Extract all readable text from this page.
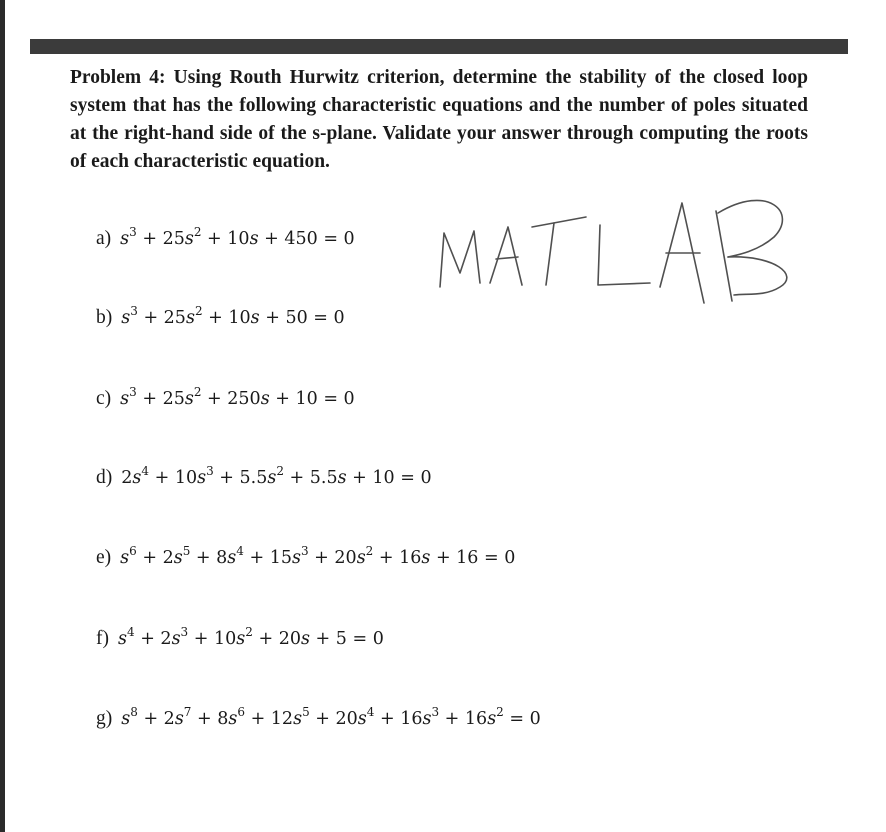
Problem 4: Using Routh Hurwitz criterion, determine the stability of the closed loop system that has the following characteristic equations and the number of poles situated at the right-hand side of the s-plane. Validate your answer through computing the roots of each characteristic equation.

a) $s^3 + 25s^2 + 10s + 450 = 0$
b) $s^3 + 25s^2 + 10s + 50 = 0$
c) $s^3 + 25s^2 + 250s + 10 = 0$
d) $2s^4 + 10s^3 + 5.5s^2 + 5.5s + 10 = 0$
e) $s^6 + 2s^5 + 8s^4 + 15s^3 + 20s^2 + 16s + 16 = 0$
f) $s^4 + 2s^3 + 10s^2 + 20s + 5 = 0$
g) $s^8 + 2s^7 + 8s^6 + 12s^5 + 20s^4 + 16s^3 + 16s^2 = 0$
